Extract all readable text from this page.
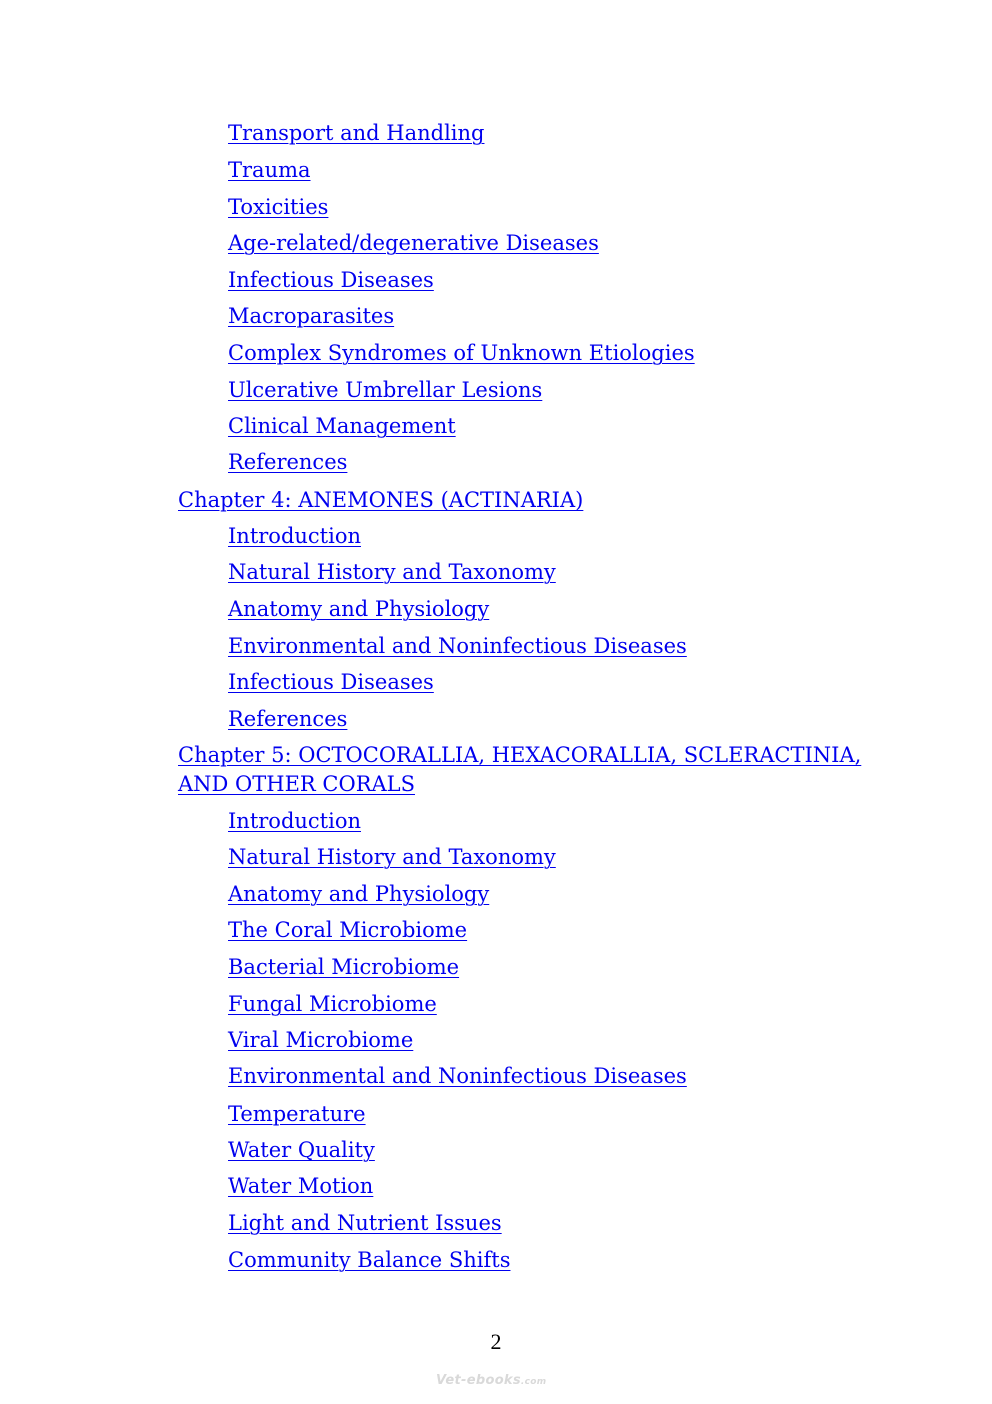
Transport and Handling
Trauma
Toxicities
Age-related/degenerative Diseases
Infectious Diseases
Macroparasites
Complex Syndromes of Unknown Etiologies
Ulcerative Umbrellar Lesions
Clinical Management
References
Chapter 4: ANEMONES (ACTINARIA)
Introduction
Natural History and Taxonomy
Anatomy and Physiology
Environmental and Noninfectious Diseases
Infectious Diseases
References
Chapter 5: OCTOCORALLIA, HEXACORALLIA, SCLERACTINIA,
AND OTHER CORALS
Introduction
Natural History and Taxonomy
Anatomy and Physiology
The Coral Microbiome
Bacterial Microbiome
Fungal Microbiome
Viral Microbiome
Environmental and Noninfectious Diseases
Temperature
Water Quality
Water Motion
Light and Nutrient Issues
Community Balance Shifts
2
Vet-ebooks.com
